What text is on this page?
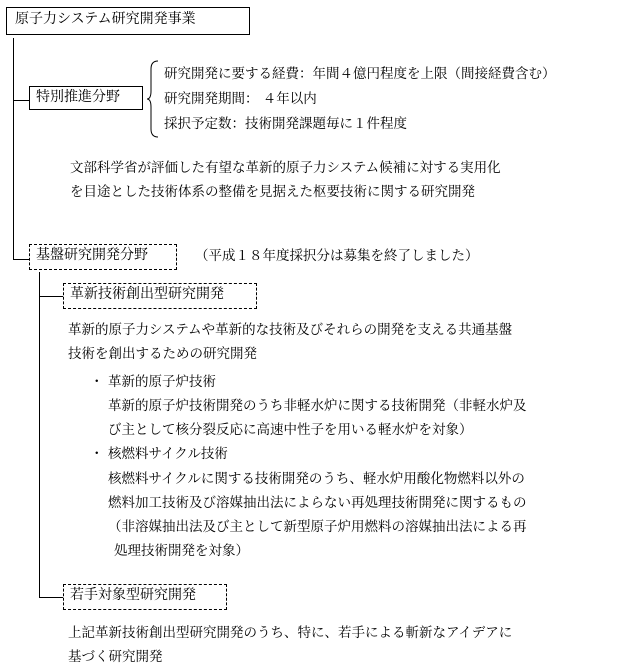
原子力システム研究開発事業
特別推進分野
研究開発に要する経費：年間４億円程度を上限（間接経費含む）
研究開発期間： ４年以内
採択予定数：技術開発課題毎に１件程度
文部科学省が評価した有望な革新的原子力システム候補に対する実用化
を目途とした技術体系の整備を見据えた枢要技術に関する研究開発
基盤研究開発分野	（平成１８年度採択分は募集を終了しました）
革新技術創出型研究開発
革新的原子力システムや革新的な技術及びそれらの開発を支える共通基盤
技術を創出するための研究開発
・ 革新的原子炉技術
革新的原子炉技術開発のうち非軽水炉に関する技術開発（非軽水炉及
び主として核分裂反応に高速中性子を用いる軽水炉を対象）
・ 核燃料サイクル技術
核燃料サイクルに関する技術開発のうち、軽水炉用酸化物燃料以外の
燃料加工技術及び溶媒抽出法によらない再処理技術開発に関するもの
（非溶媒抽出法及び主として新型原子炉用燃料の溶媒抽出法による再
処理技術開発を対象）
若手対象型研究開発
上記革新技術創出型研究開発のうち、特に、若手による斬新なアイデアに
基づく研究開発
